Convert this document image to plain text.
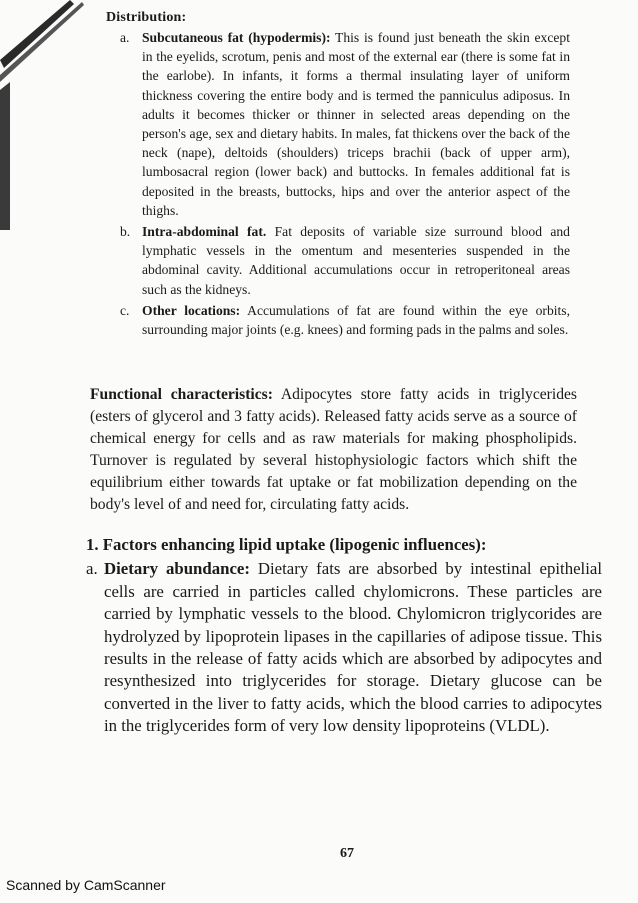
Distribution:

a. Subcutaneous fat (hypodermis): This is found just beneath the skin except in the eyelids, scrotum, penis and most of the external ear (there is some fat in the earlobe). In infants, it forms a thermal insulating layer of uniform thickness covering the entire body and is termed the panniculus adiposus. In adults it becomes thicker or thinner in selected areas depending on the person's age, sex and dietary habits. In males, fat thickens over the back of the neck (nape), deltoids (shoulders) triceps brachii (back of upper arm), lumbosacral region (lower back) and buttocks. In females additional fat is deposited in the breasts, buttocks, hips and over the anterior aspect of the thighs.

b. Intra-abdominal fat. Fat deposits of variable size surround blood and lymphatic vessels in the omentum and mesenteries suspended in the abdominal cavity. Additional accumulations occur in retroperitoneal areas such as the kidneys.

c. Other locations: Accumulations of fat are found within the eye orbits, surrounding major joints (e.g. knees) and forming pads in the palms and soles.

Functional characteristics: Adipocytes store fatty acids in triglycerides (esters of glycerol and 3 fatty acids). Released fatty acids serve as a source of chemical energy for cells and as raw materials for making phospholipids. Turnover is regulated by several histophysiologic factors which shift the equilibrium either towards fat uptake or fat mobilization depending on the body's level of and need for, circulating fatty acids.

1. Factors enhancing lipid uptake (lipogenic influences):

a. Dietary abundance: Dietary fats are absorbed by intestinal epithelial cells are carried in particles called chylomicrons. These particles are carried by lymphatic vessels to the blood. Chylomicron triglycorides are hydrolyzed by lipoprotein lipases in the capillaries of adipose tissue. This results in the release of fatty acids which are absorbed by adipocytes and resynthesized into triglycerides for storage. Dietary glucose can be converted in the liver to fatty acids, which the blood carries to adipocytes in the triglycerides form of very low density lipoproteins (VLDL).

67
Scanned by CamScanner
